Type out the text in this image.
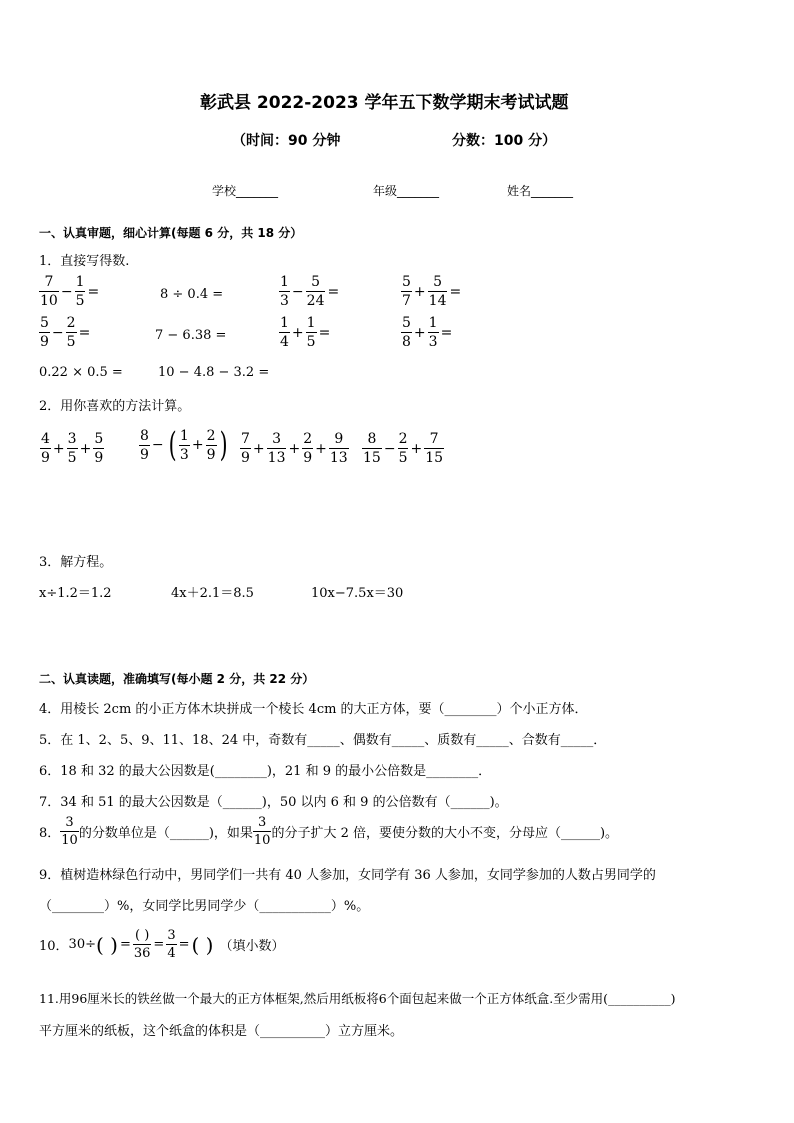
彰武县 2022-2023 学年五下数学期末考试试题
（时间：90 分钟	分数：100 分）
学校_______	年级_______	姓名_______
一、认真审题，细心计算(每题 6 分，共 18 分）
1．直接写得数.
$\frac{7}{10} - \frac{1}{5}$ =	8 ÷ 0.4 =	$\frac{1}{3} - \frac{5}{24}$ =	$\frac{5}{7} + \frac{5}{14}$ =
$\frac{5}{9} - \frac{2}{5}$ =	7 − 6.38 =	$\frac{1}{4} + \frac{1}{5}$ =	$\frac{5}{8} + \frac{1}{3}$ =
0.22 × 0.5 =	10 − 4.8 − 3.2 =
2．用你喜欢的方法计算。
$\frac{4}{9} + \frac{3}{5} + \frac{5}{9} \frac{8}{9}$ − ( $\frac{1}{3} + \frac{2}{9}$ ) $\frac{7}{9} + \frac{3}{13} + \frac{2}{9} + \frac{9}{13} \frac{8}{15} - \frac{2}{5} + \frac{7}{15}$
3．解方程。
x÷1.2＝1.2	4x＋2.1＝8.5	10x−7.5x＝30
二、认真读题，准确填写(每小题 2 分，共 22 分）
4．用棱长 2cm 的小正方体木块拼成一个棱长 4cm 的大正方体，要（________）个小正方体．
5．在 1、2、5、9、11、18、24 中，奇数有_____、偶数有_____、质数有_____、合数有_____．
6．18 和 32 的最大公因数是(________)，21 和 9 的最小公倍数是________．
7．34 和 51 的最大公因数是（______)，50 以内 6 和 9 的公倍数有（______)。
8． $\frac{3}{10}$ 的分数单位是（______)，如果 $\frac{3}{10}$ 的分子扩大 2 倍，要使分数的大小不变，分母应（______)。
9．植树造林绿色行动中，男同学们一共有 40 人参加，女同学有 36 人参加，女同学参加的人数占男同学的
（________）%，女同学比男同学少（___________）%。
10． 30÷ ( ) = $\frac{( )}{36} = \frac{3}{4}$ = ( ) （填小数）
11.用96厘米长的铁丝做一个最大的正方体框架,然后用纸板将6个面包起来做一个正方体纸盒.至少需用(__________)
平方厘米的纸板，这个纸盒的体积是（__________）立方厘米。
